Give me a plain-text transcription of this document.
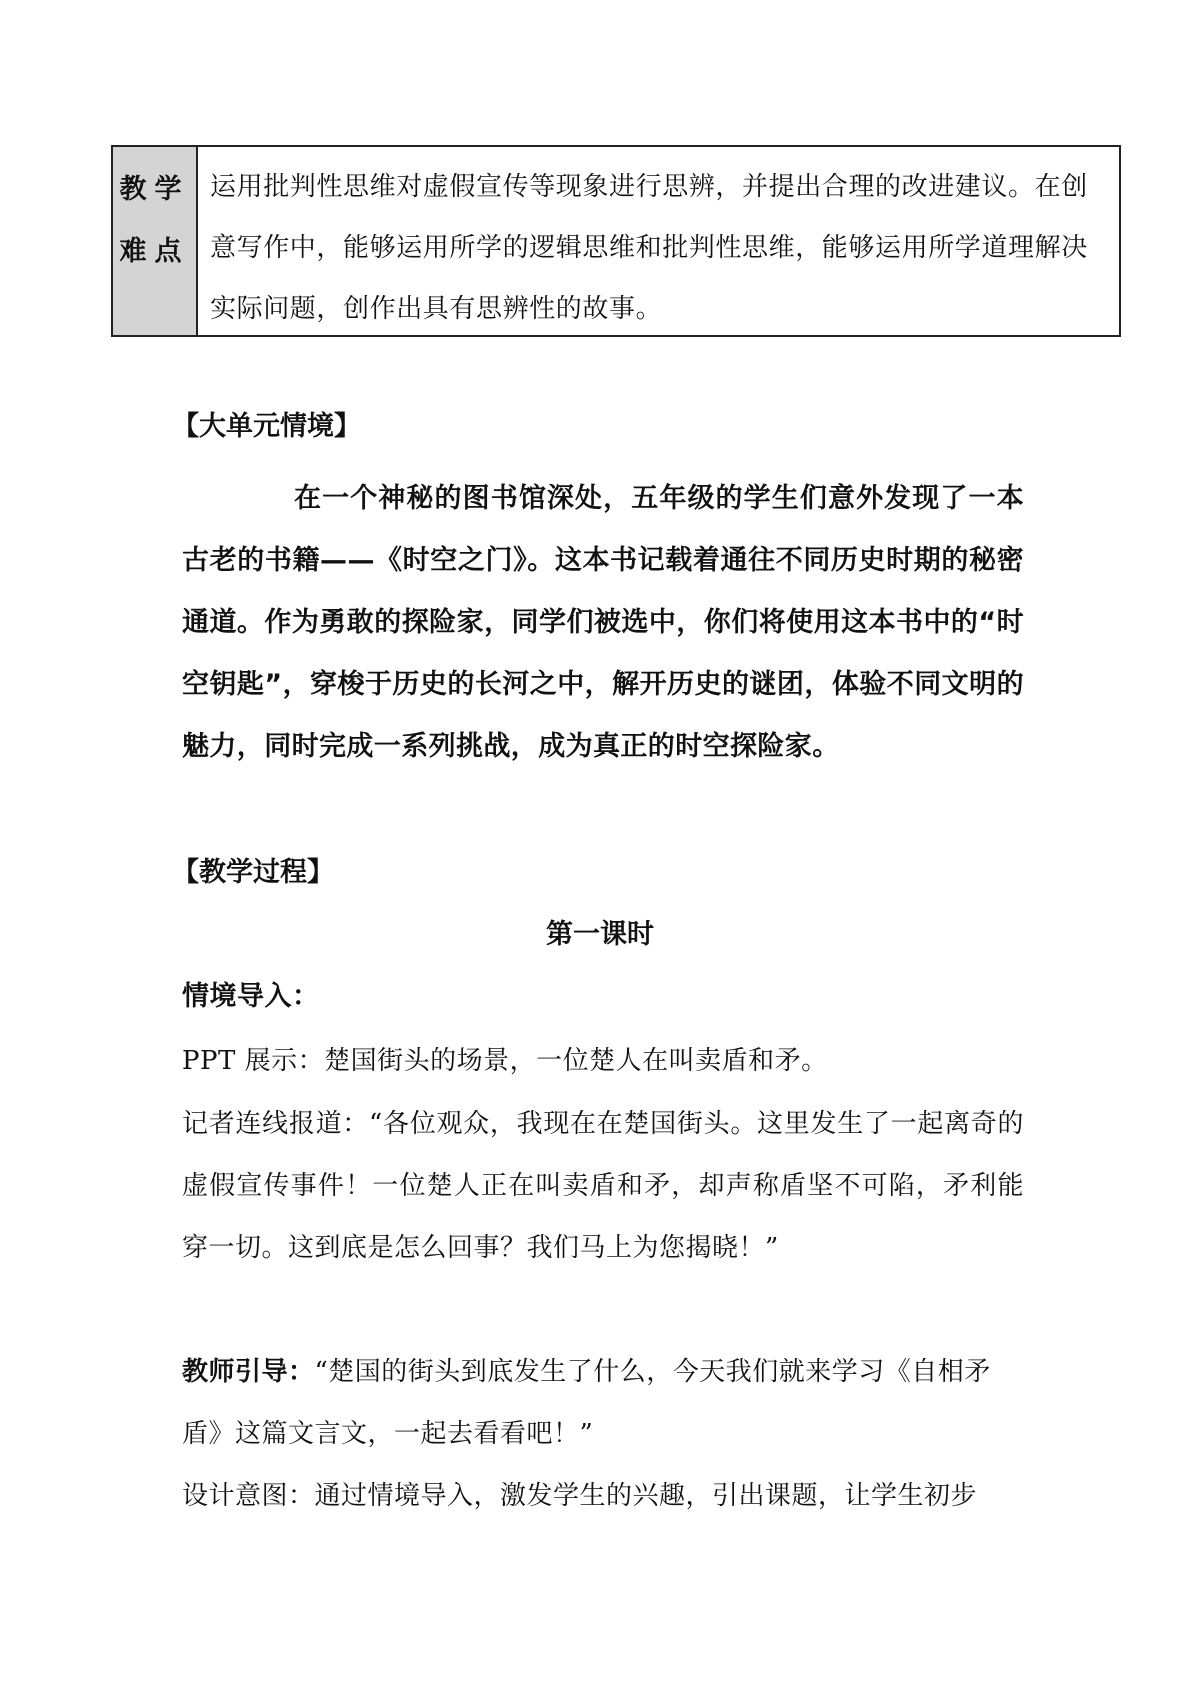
教学
难点
运用批判性思维对虚假宣传等现象进行思辨，并提出合理的改进建议。在创意写作中，能够运用所学的逻辑思维和批判性思维，能够运用所学道理解决实际问题，创作出具有思辨性的故事。
【大单元情境】
在一个神秘的图书馆深处，五年级的学生们意外发现了一本古老的书籍——《时空之门》。这本书记载着通往不同历史时期的秘密通道。作为勇敢的探险家，同学们被选中，你们将使用这本书中的“时空钥匙”，穿梭于历史的长河之中，解开历史的谜团，体验不同文明的魅力，同时完成一系列挑战，成为真正的时空探险家。
【教学过程】
第一课时
情境导入：
PPT 展示：楚国街头的场景，一位楚人在叫卖盾和矛。
记者连线报道：“各位观众，我现在在楚国街头。这里发生了一起离奇的虚假宣传事件！一位楚人正在叫卖盾和矛，却声称盾坚不可陷，矛利能穿一切。这到底是怎么回事？我们马上为您揭晓！”
教师引导：“楚国的街头到底发生了什么，今天我们就来学习《自相矛盾》这篇文言文，一起去看看吧！”
设计意图：通过情境导入，激发学生的兴趣，引出课题，让学生初步
